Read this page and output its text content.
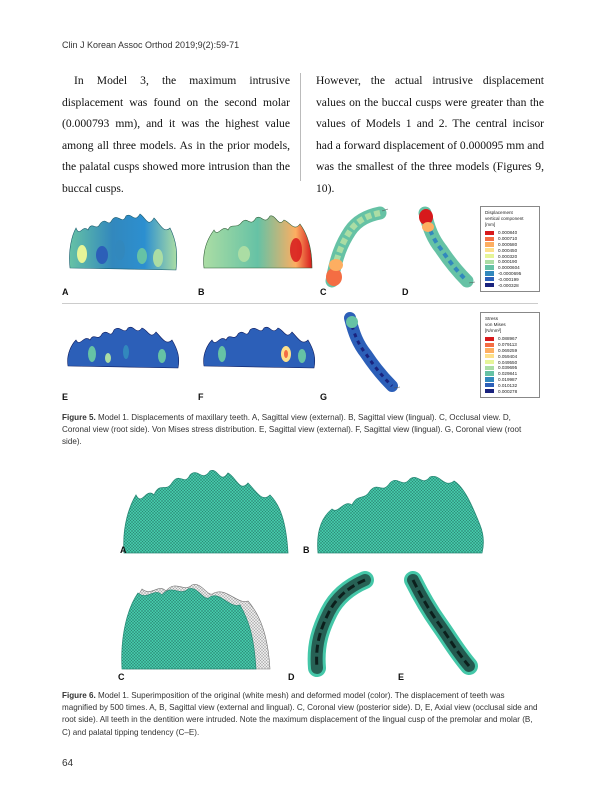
Clin J Korean Assoc Orthod 2019;9(2):59-71
In Model 3, the maximum intrusive displacement was found on the second molar (0.000793 mm), and it was the highest value among all three models. As in the prior models, the palatal cusps showed more intrusion than the buccal cusps.
However, the actual intrusive displacement values on the buccal cusps were greater than the values of Models 1 and 2. The central incisor had a forward displacement of 0.000095 mm and was the smallest of the three models (Figures 9, 10).
Displacement
vertical component
[mm]
0.000840
0.000710
0.000580
0.000450
0.000320
0.000190
0.0000604
-0.0000695
-0.000199
-0.000328
A	B	C	D
Stress
von Mises
[N/mm²]
0.088967
0.079113
0.069259
0.059404
0.049550
0.039695
0.029841
0.019987
0.010132
0.000278
E	F	G
Figure 5. Model 1. Displacements of maxillary teeth. A, Sagittal view (external). B, Sagittal view (lingual). C, Occlusal view. D, Coronal view (root side). Von Mises stress distribution. E, Sagittal view (external). F, Sagittal view (lingual). G, Coronal view (root side).
A	B
C	D	E
Figure 6. Model 1. Superimposition of the original (white mesh) and deformed model (color). The displacement of teeth was magnified by 500 times. A, B, Sagittal view (external and lingual). C, Coronal view (posterior side). D, E, Axial view (occlusal side and root side). All teeth in the dentition were intruded. Note the maximum displacement of the lingual cusp of the premolar and molar (B, C) and palatal tipping tendency (C–E).
64
